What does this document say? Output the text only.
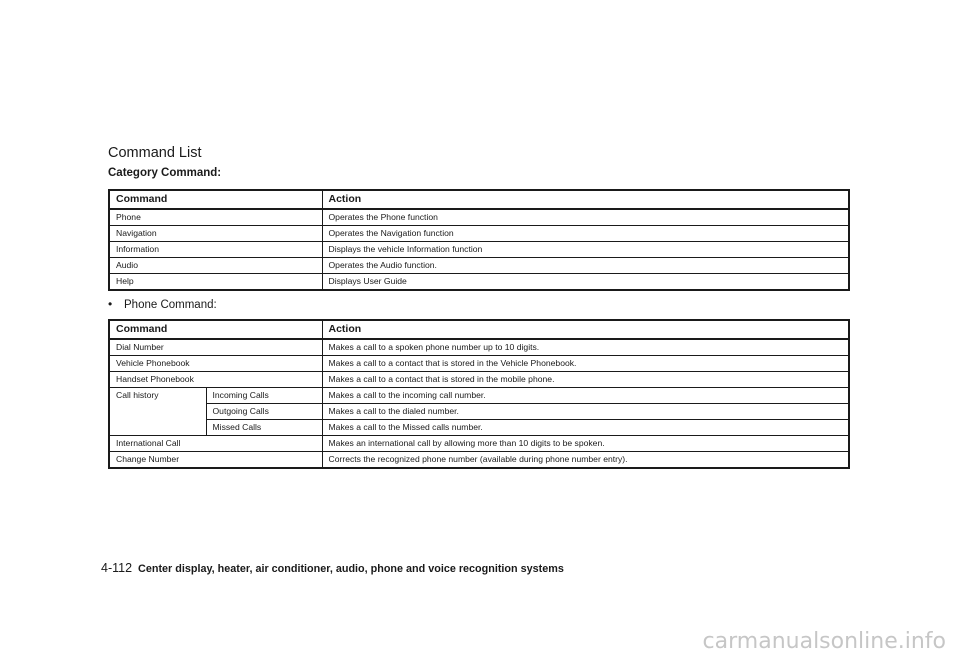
Command List
Category Command:
Command	Action
Phone	Operates the Phone function
Navigation	Operates the Navigation function
Information	Displays the vehicle Information function
Audio	Operates the Audio function.
Help	Displays User Guide

• Phone Command:

Command		Action
Dial Number		Makes a call to a spoken phone number up to 10 digits.
Vehicle Phonebook		Makes a call to a contact that is stored in the Vehicle Phonebook.
Handset Phonebook		Makes a call to a contact that is stored in the mobile phone.
Call history	Incoming Calls	Makes a call to the incoming call number.
	Outgoing Calls	Makes a call to the dialed number.
	Missed Calls	Makes a call to the Missed calls number.
International Call		Makes an international call by allowing more than 10 digits to be spoken.
Change Number		Corrects the recognized phone number (available during phone number entry).
4-112 Center display, heater, air conditioner, audio, phone and voice recognition systems
carmanualsonline.info
